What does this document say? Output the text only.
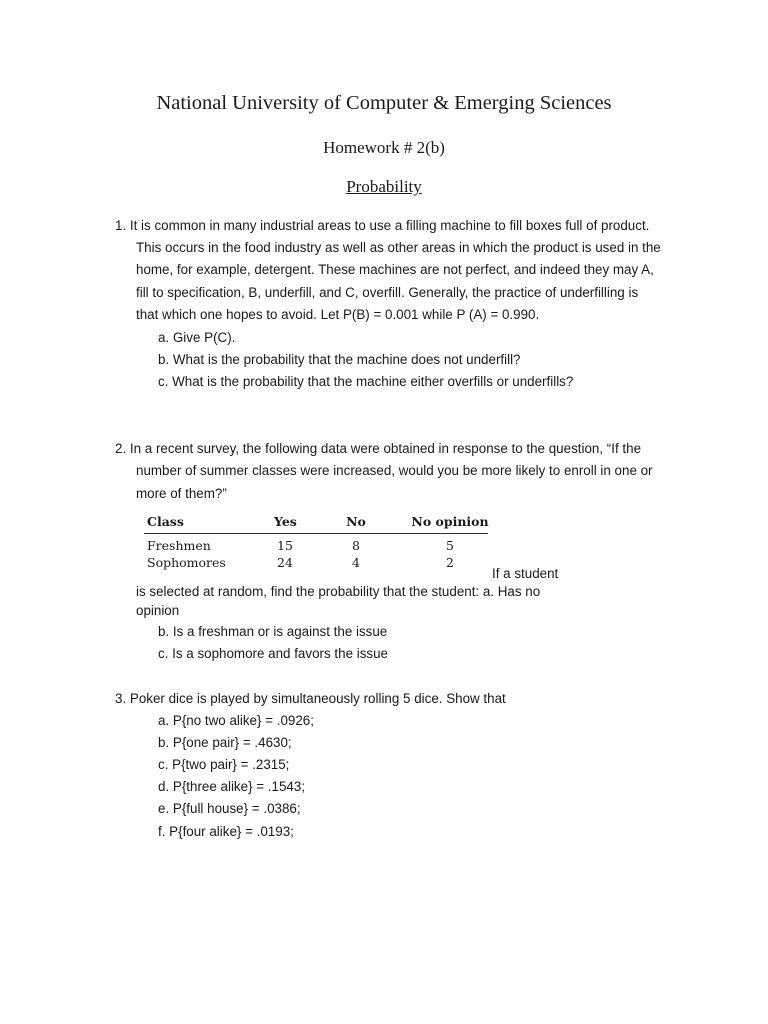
National University of Computer & Emerging Sciences
Homework # 2(b)
Probability
1. It is common in many industrial areas to use a filling machine to fill boxes full of product.
This occurs in the food industry as well as other areas in which the product is used in the
home, for example, detergent. These machines are not perfect, and indeed they may A,
fill to specification, B, underfill, and C, overfill. Generally, the practice of underfilling is
that which one hopes to avoid. Let P(B) = 0.001 while P (A) = 0.990.
a. Give P(C).
b. What is the probability that the machine does not underfill?
c. What is the probability that the machine either overfills or underfills?
2. In a recent survey, the following data were obtained in response to the question, “If the
number of summer classes were increased, would you be more likely to enroll in one or
more of them?”
Class	Yes	No	No opinion
Freshmen	15	8	5
Sophomores	24	4	2
If a student
is selected at random, find the probability that the student: a. Has no
opinion
b. Is a freshman or is against the issue
c. Is a sophomore and favors the issue
3. Poker dice is played by simultaneously rolling 5 dice. Show that
a. P{no two alike} = .0926;
b. P{one pair} = .4630;
c. P{two pair} = .2315;
d. P{three alike} = .1543;
e. P{full house} = .0386;
f. P{four alike} = .0193;
